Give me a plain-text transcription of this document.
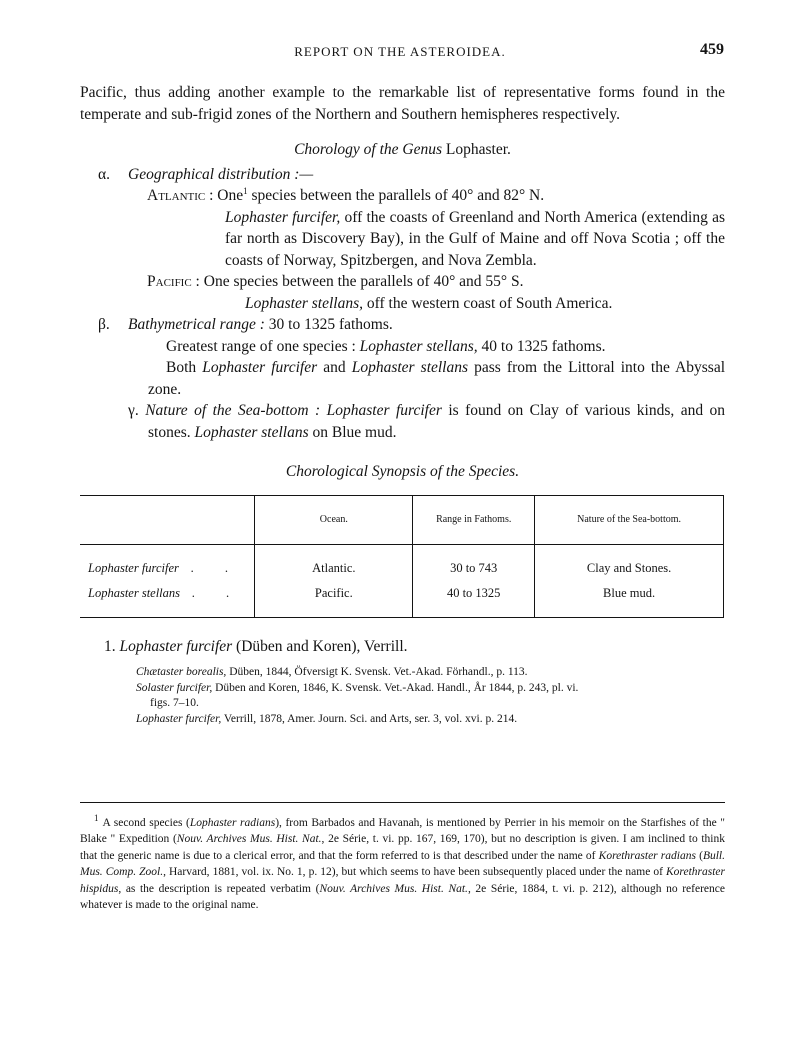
REPORT ON THE ASTEROIDEA.	459

Pacific, thus adding another example to the remarkable list of representative forms found in the temperate and sub-frigid zones of the Northern and Southern hemispheres respectively.

Chorology of the Genus Lophaster.

α. Geographical distribution :—

Atlantic : One$^1$ species between the parallels of 40° and 82° N.

Lophaster furcifer, off the coasts of Greenland and North America (extending as far north as Discovery Bay), in the Gulf of Maine and off Nova Scotia ; off the coasts of Norway, Spitzbergen, and Nova Zembla.

Pacific : One species between the parallels of 40° and 55° S.

Lophaster stellans, off the western coast of South America.

β. Bathymetrical range : 30 to 1325 fathoms.

Greatest range of one species : Lophaster stellans, 40 to 1325 fathoms.

Both Lophaster furcifer and Lophaster stellans pass from the Littoral into the Abyssal zone.

γ. Nature of the Sea-bottom : Lophaster furcifer is found on Clay of various kinds, and on stones. Lophaster stellans on Blue mud.

Chorological Synopsis of the Species.

	Ocean.	Range in Fathoms.	Nature of the Sea-bottom.

Lophaster furcifer . .	Atlantic.	30 to 743	Clay and Stones.
Lophaster stellans . .	Pacific.	40 to 1325	Blue mud.

1. Lophaster furcifer (Düben and Koren), Verrill.

Chætaster borealis, Düben, 1844, Öfversigt K. Svensk. Vet.-Akad. Förhandl., p. 113.

Solaster furcifer, Düben and Koren, 1846, K. Svensk. Vet.-Akad. Handl., År 1844, p. 243, pl. vi.

figs. 7–10.

Lophaster furcifer, Verrill, 1878, Amer. Journ. Sci. and Arts, ser. 3, vol. xvi. p. 214.

$^1$ A second species (Lophaster radians), from Barbados and Havanah, is mentioned by Perrier in his memoir on the Starfishes of the " Blake " Expedition (Nouv. Archives Mus. Hist. Nat., 2e Série, t. vi. pp. 167, 169, 170), but no description is given. I am inclined to think that the generic name is due to a clerical error, and that the form referred to is that described under the name of Korethraster radians (Bull. Mus. Comp. Zool., Harvard, 1881, vol. ix. No. 1, p. 12), but which seems to have been subsequently placed under the name of Korethraster hispidus, as the description is repeated verbatim (Nouv. Archives Mus. Hist. Nat., 2e Série, 1884, t. vi. p. 212), although no reference whatever is made to the original name.
